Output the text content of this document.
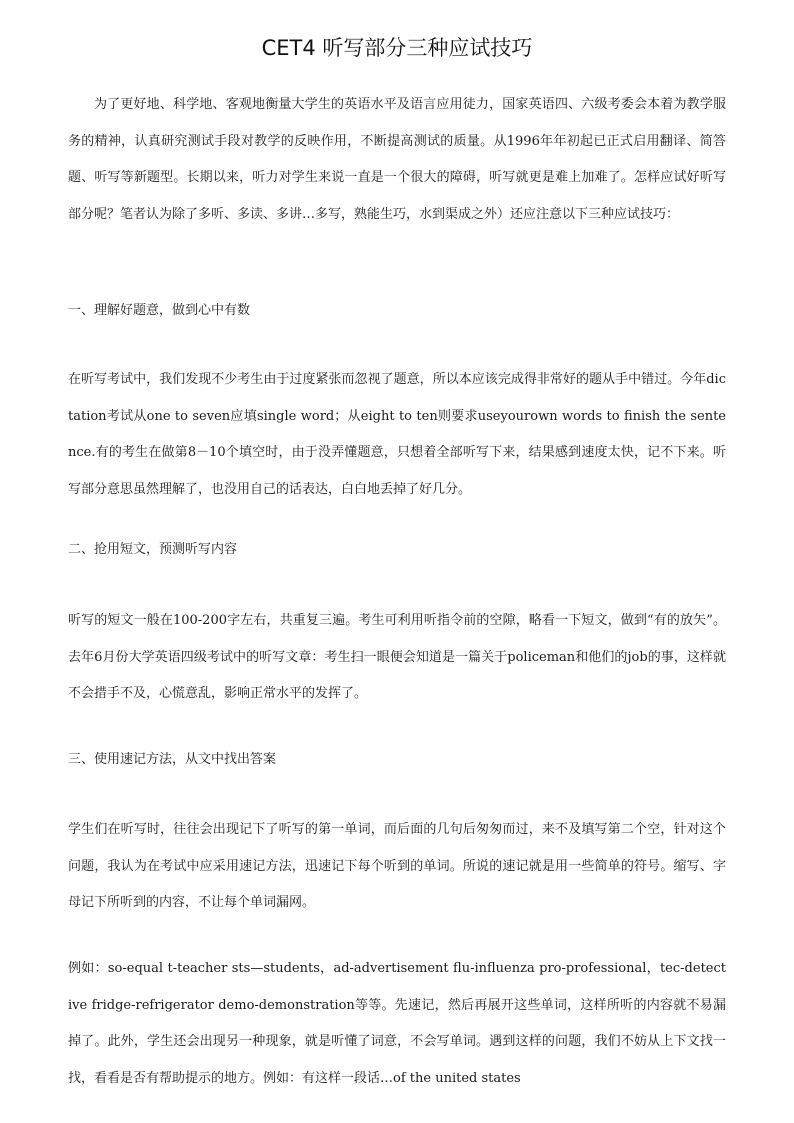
CET4 听写部分三种应试技巧

为了更好地、科学地、客观地衡量大学生的英语水平及语言应用徒力，国家英语四、六级考委会本着为教学服务的精神，认真研究测试手段对教学的反映作用，不断提高测试的质量。从1996年年初起已正式启用翻译、简答题、听写等新题型。长期以来，听力对学生来说一直是一个很大的障碍，听写就更是难上加难了。怎样应试好听写部分呢？笔者认为除了多听、多读、多讲…多写，熟能生巧，水到渠成之外）还应注意以下三种应试技巧：

一、理解好题意，做到心中有数

在听写考试中，我们发现不少考生由于过度紧张而忽视了题意，所以本应该完成得非常好的题从手中错过。今年dictation考试从one to seven应填single word；从eight to ten则要求useyourown words to finish the sentence.有的考生在做第8－10个填空时，由于没弄懂题意，只想着全部听写下来，结果感到速度太快，记不下来。听写部分意思虽然理解了，也没用自己的话表达，白白地丢掉了好几分。

二、抢用短文，预测听写内容

听写的短文一般在100-200字左右，共重复三遍。考生可利用听指令前的空隙，略看一下短文，做到“有的放矢”。去年6月份大学英语四级考试中的听写文章：考生扫一眼便会知道是一篇关于policeman和他们的job的事，这样就不会措手不及，心慌意乱，影响正常水平的发挥了。

三、使用速记方法，从文中找出答案

学生们在听写时，往往会出现记下了听写的第一单词，而后面的几句后匆匆而过，来不及填写第二个空，针对这个问题，我认为在考试中应采用速记方法，迅速记下每个听到的单词。所说的速记就是用一些简单的符号。缩写、字母记下所听到的内容，不让每个单词漏网。

例如：so-equal t-teacher sts—students，ad-advertisement flu-influenza pro-professional，tec-detective fridge-refrigerator demo-demonstration等等。先速记，然后再展开这些单词，这样所听的内容就不易漏掉了。此外，学生还会出现另一种现象，就是听懂了词意，不会写单词。遇到这样的问题，我们不妨从上下文找一找，看看是否有帮助提示的地方。例如：有这样一段话…of the united states
